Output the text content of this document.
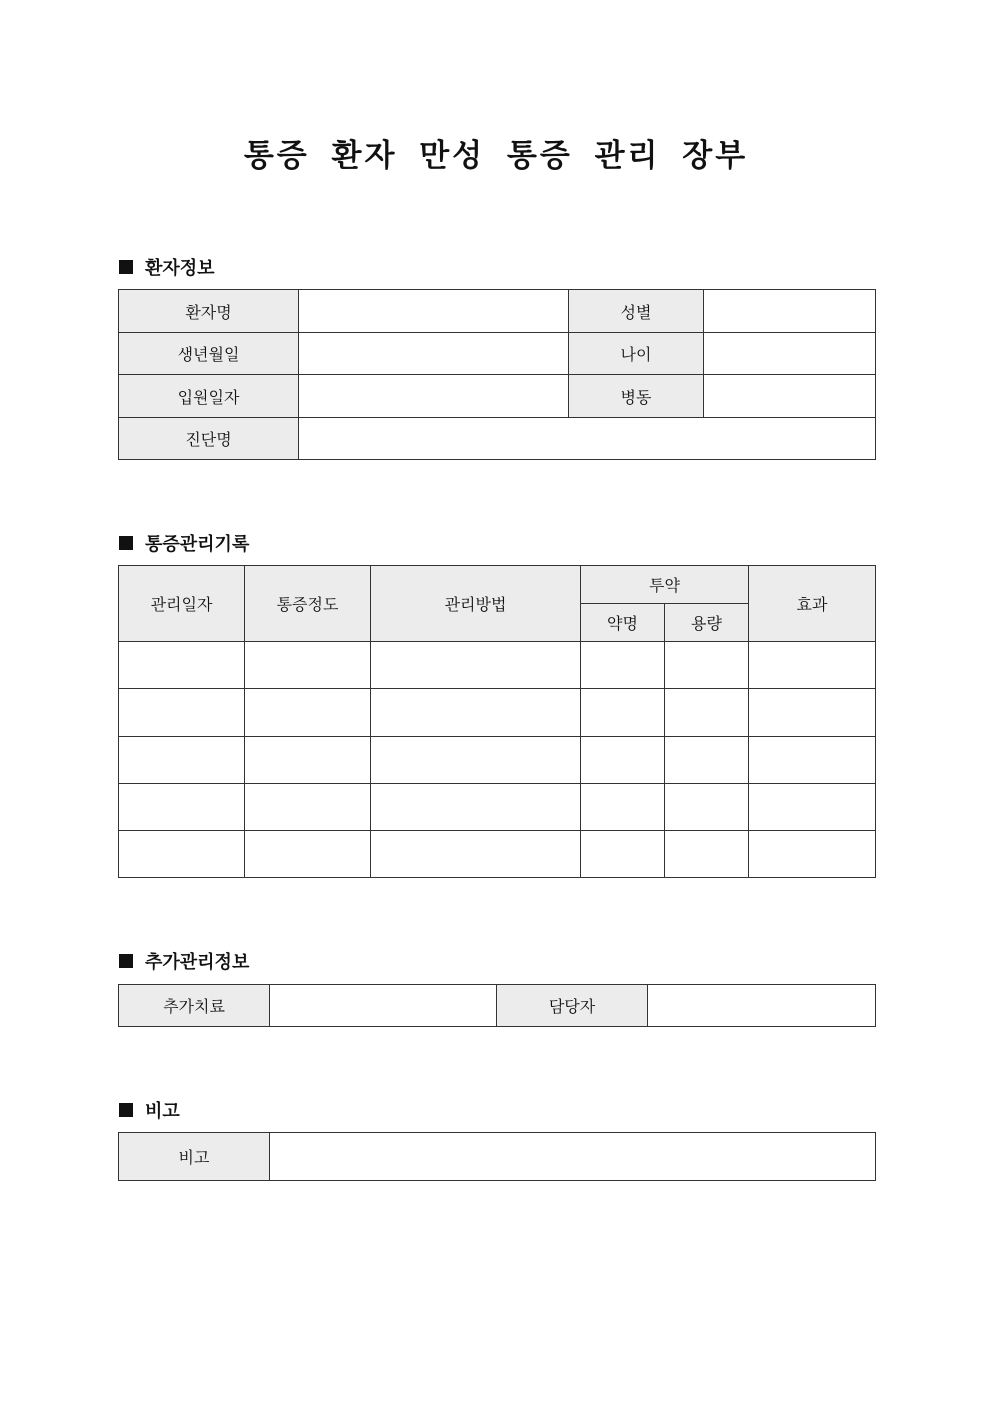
통증 환자 만성 통증 관리 장부
환자정보
환자명		성별	
생년월일		나이	
입원일자		병동	
진단명			
통증관리기록
관리일자	통증정도	관리방법	투약		효과
			약명	용량	

추가관리정보
추가치료		담당자	
비고
비고	
